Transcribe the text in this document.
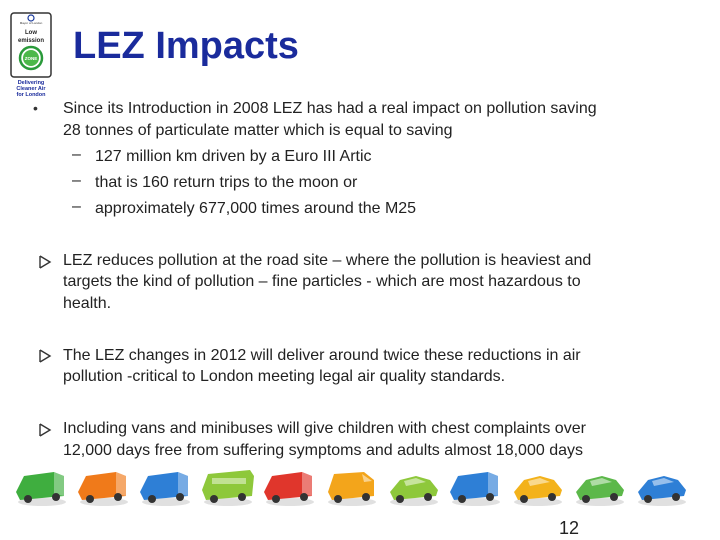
Mayor of London
Low
emission
ZONE
Delivering
Cleaner Air
for London
LEZ Impacts
• Since its Introduction in 2008 LEZ has had a real impact on pollution saving
28 tonnes of particulate matter which is equal to saving
– 127 million km driven by a Euro III Artic
– that is 160 return trips to the moon or
– approximately 677,000 times around the M25
LEZ reduces pollution at the road site – where the pollution is heaviest and
targets the kind of pollution – fine particles - which are most hazardous to
health.
The LEZ changes in 2012 will deliver around twice these reductions in air
pollution -critical to London meeting legal air quality standards.
Including vans and minibuses will give children with chest complaints over
12,000 days free from suffering symptoms and adults almost 18,000 days
12
